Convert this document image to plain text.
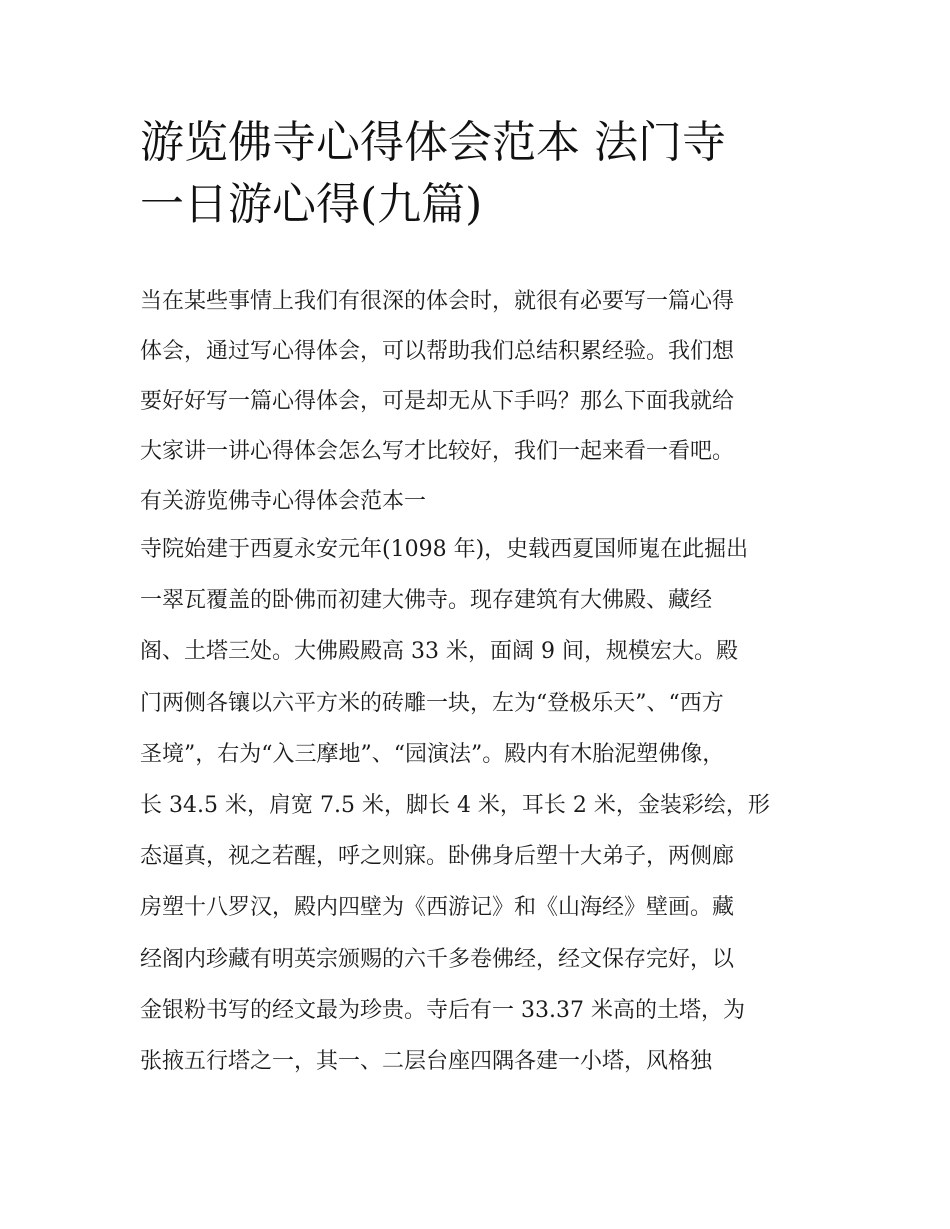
游览佛寺心得体会范本 法门寺
一日游心得(九篇)

当在某些事情上我们有很深的体会时，就很有必要写一篇心得
体会，通过写心得体会，可以帮助我们总结积累经验。我们想
要好好写一篇心得体会，可是却无从下手吗？那么下面我就给
大家讲一讲心得体会怎么写才比较好，我们一起来看一看吧。

有关游览佛寺心得体会范本一

寺院始建于西夏永安元年(1098 年)，史载西夏国师嵬在此掘出
一翠瓦覆盖的卧佛而初建大佛寺。现存建筑有大佛殿、藏经
阁、土塔三处。大佛殿殿高 33 米，面阔 9 间，规模宏大。殿
门两侧各镶以六平方米的砖雕一块，左为“登极乐天”、“西方
圣境”，右为“入三摩地”、“园演法”。殿内有木胎泥塑佛像，
长 34.5 米，肩宽 7.5 米，脚长 4 米，耳长 2 米，金装彩绘，形
态逼真，视之若醒，呼之则寐。卧佛身后塑十大弟子，两侧廊
房塑十八罗汉，殿内四壁为《西游记》和《山海经》壁画。藏
经阁内珍藏有明英宗颁赐的六千多卷佛经，经文保存完好，以
金银粉书写的经文最为珍贵。寺后有一 33.37 米高的土塔，为
张掖五行塔之一，其一、二层台座四隅各建一小塔，风格独
